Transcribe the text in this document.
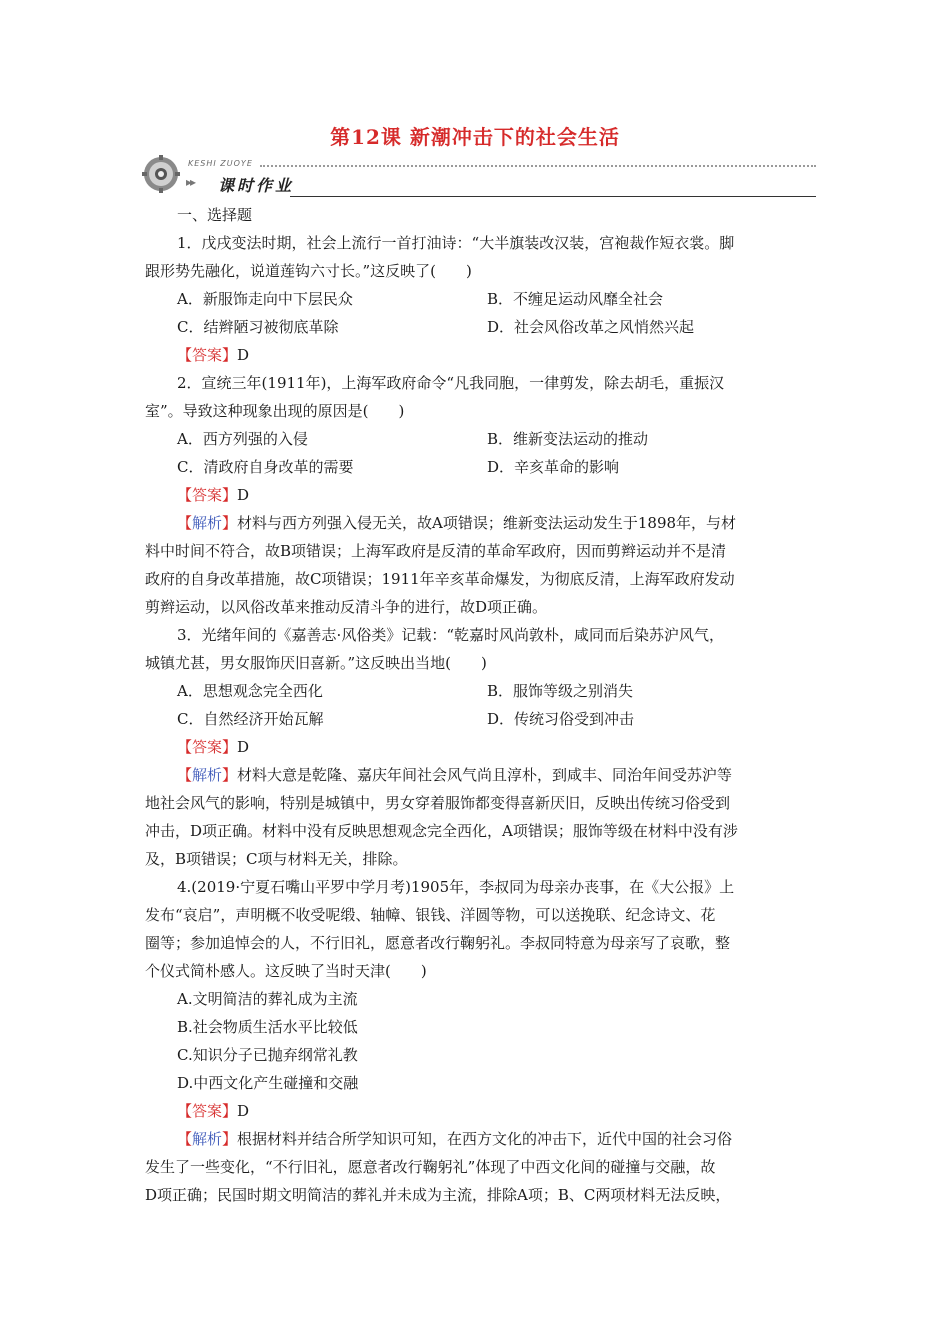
第12课 新潮冲击下的社会生活
KESHI ZUOYE
▸▸ 课时作业
一、选择题
1．戊戌变法时期，社会上流行一首打油诗：“大半旗装改汉装，宫袍裁作短衣裳。脚
跟形势先融化，说道莲钩六寸长。”这反映了(　　)
A．新服饰走向中下层民众	B．不缠足运动风靡全社会
C．结辫陋习被彻底革除	D．社会风俗改革之风悄然兴起
【答案】D
2．宣统三年(1911年)，上海军政府命令“凡我同胞，一律剪发，除去胡毛，重振汉
室”。导致这种现象出现的原因是(　　)
A．西方列强的入侵	B．维新变法运动的推动
C．清政府自身改革的需要	D．辛亥革命的影响
【答案】D
【解析】材料与西方列强入侵无关，故A项错误；维新变法运动发生于1898年，与材
料中时间不符合，故B项错误；上海军政府是反清的革命军政府，因而剪辫运动并不是清
政府的自身改革措施，故C项错误；1911年辛亥革命爆发，为彻底反清，上海军政府发动
剪辫运动，以风俗改革来推动反清斗争的进行，故D项正确。
3．光绪年间的《嘉善志·风俗类》记载：“乾嘉时风尚敦朴，咸同而后染苏沪风气，
城镇尤甚，男女服饰厌旧喜新。”这反映出当地(　　)
A．思想观念完全西化	B．服饰等级之别消失
C．自然经济开始瓦解	D．传统习俗受到冲击
【答案】D
【解析】材料大意是乾隆、嘉庆年间社会风气尚且淳朴，到咸丰、同治年间受苏沪等
地社会风气的影响，特别是城镇中，男女穿着服饰都变得喜新厌旧，反映出传统习俗受到
冲击，D项正确。材料中没有反映思想观念完全西化，A项错误；服饰等级在材料中没有涉
及，B项错误；C项与材料无关，排除。
4.(2019·宁夏石嘴山平罗中学月考)1905年，李叔同为母亲办丧事，在《大公报》上
发布“哀启”，声明概不收受呢缎、轴幛、银钱、洋圆等物，可以送挽联、纪念诗文、花
圈等；参加追悼会的人，不行旧礼，愿意者改行鞠躬礼。李叔同特意为母亲写了哀歌，整
个仪式简朴感人。这反映了当时天津(　　)
A.文明简洁的葬礼成为主流
B.社会物质生活水平比较低
C.知识分子已抛弃纲常礼教
D.中西文化产生碰撞和交融
【答案】D
【解析】根据材料并结合所学知识可知，在西方文化的冲击下，近代中国的社会习俗
发生了一些变化，“不行旧礼，愿意者改行鞠躬礼”体现了中西文化间的碰撞与交融，故
D项正确；民国时期文明简洁的葬礼并未成为主流，排除A项；B、C两项材料无法反映，
